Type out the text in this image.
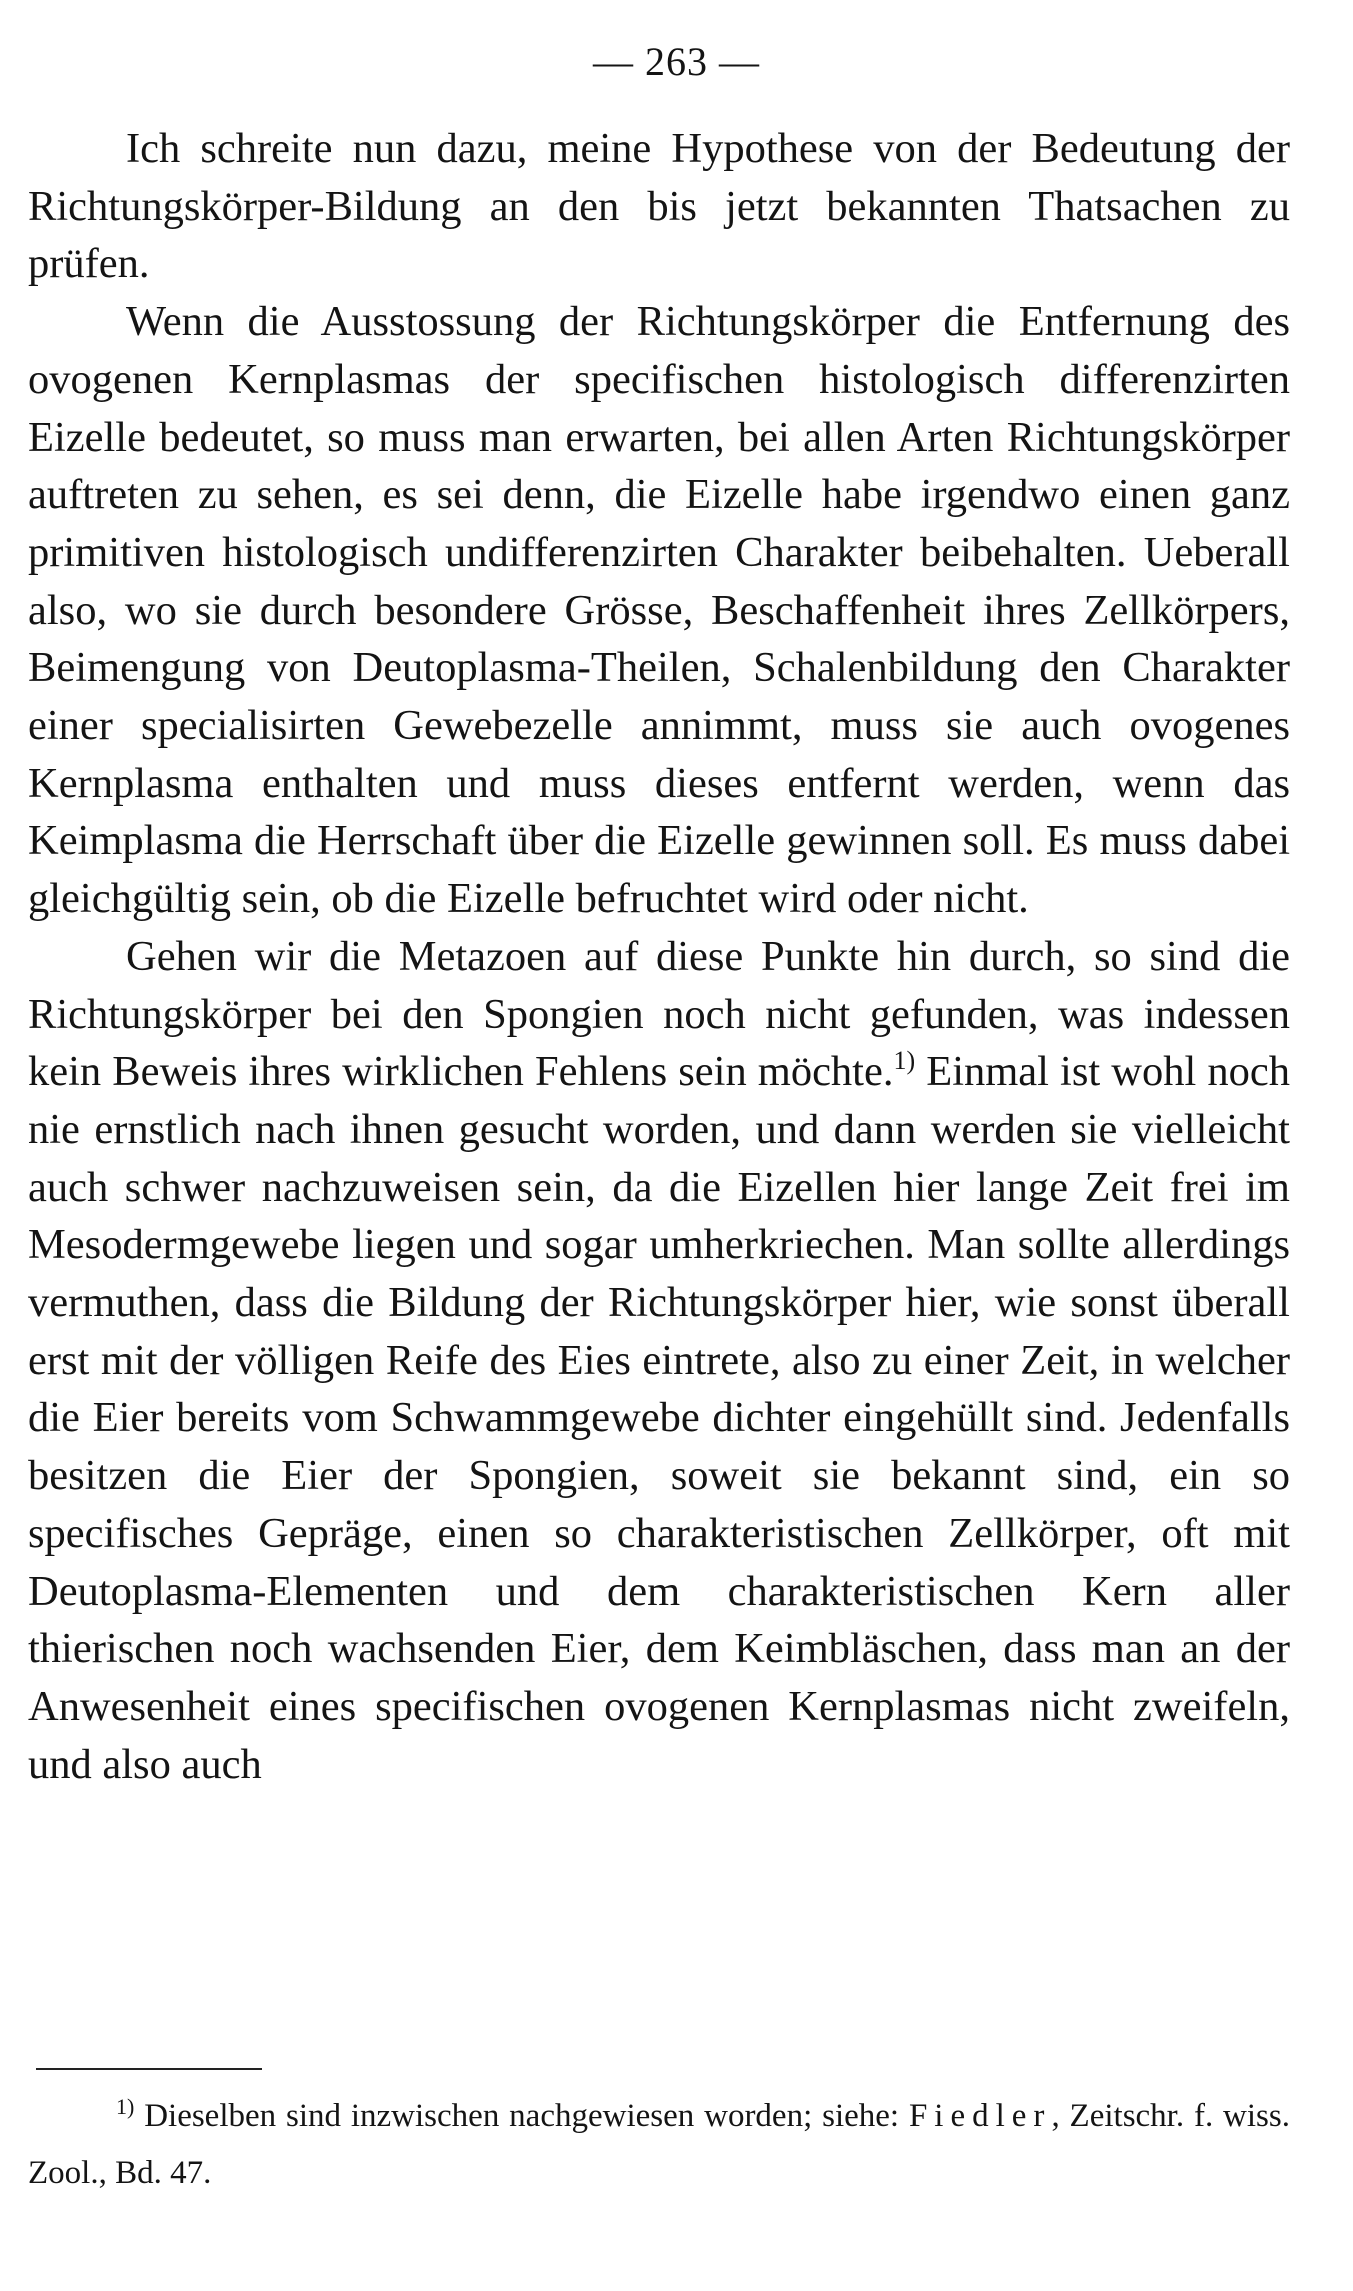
— 263 —

Ich schreite nun dazu, meine Hypothese von der Bedeutung der Richtungskörper-Bildung an den bis jetzt bekannten Thatsachen zu prüfen.

Wenn die Ausstossung der Richtungskörper die Entfernung des ovogenen Kernplasmas der specifischen histologisch differenzirten Eizelle bedeutet, so muss man erwarten, bei allen Arten Richtungskörper auftreten zu sehen, es sei denn, die Eizelle habe irgendwo einen ganz primitiven histologisch undifferenzirten Charakter beibehalten. Ueberall also, wo sie durch besondere Grösse, Beschaffenheit ihres Zellkörpers, Beimengung von Deutoplasma-Theilen, Schalenbildung den Charakter einer specialisirten Gewebezelle annimmt, muss sie auch ovogenes Kernplasma enthalten und muss dieses entfernt werden, wenn das Keimplasma die Herrschaft über die Eizelle gewinnen soll. Es muss dabei gleichgültig sein, ob die Eizelle befruchtet wird oder nicht.

Gehen wir die Metazoen auf diese Punkte hin durch, so sind die Richtungskörper bei den Spongien noch nicht gefunden, was indessen kein Beweis ihres wirklichen Fehlens sein möchte.$^{1)}$ Einmal ist wohl noch nie ernstlich nach ihnen gesucht worden, und dann werden sie vielleicht auch schwer nachzuweisen sein, da die Eizellen hier lange Zeit frei im Mesodermgewebe liegen und sogar umherkriechen. Man sollte allerdings vermuthen, dass die Bildung der Richtungskörper hier, wie sonst überall erst mit der völligen Reife des Eies eintrete, also zu einer Zeit, in welcher die Eier bereits vom Schwammgewebe dichter eingehüllt sind. Jedenfalls besitzen die Eier der Spongien, soweit sie bekannt sind, ein so specifisches Gepräge, einen so charakteristischen Zellkörper, oft mit Deutoplasma-Elementen und dem charakteristischen Kern aller thierischen noch wachsenden Eier, dem Keimbläschen, dass man an der Anwesenheit eines specifischen ovogenen Kernplasmas nicht zweifeln, und also auch

$^{1)}$ Dieselben sind inzwischen nachgewiesen worden; siehe: Fiedler, Zeitschr. f. wiss. Zool., Bd. 47.
